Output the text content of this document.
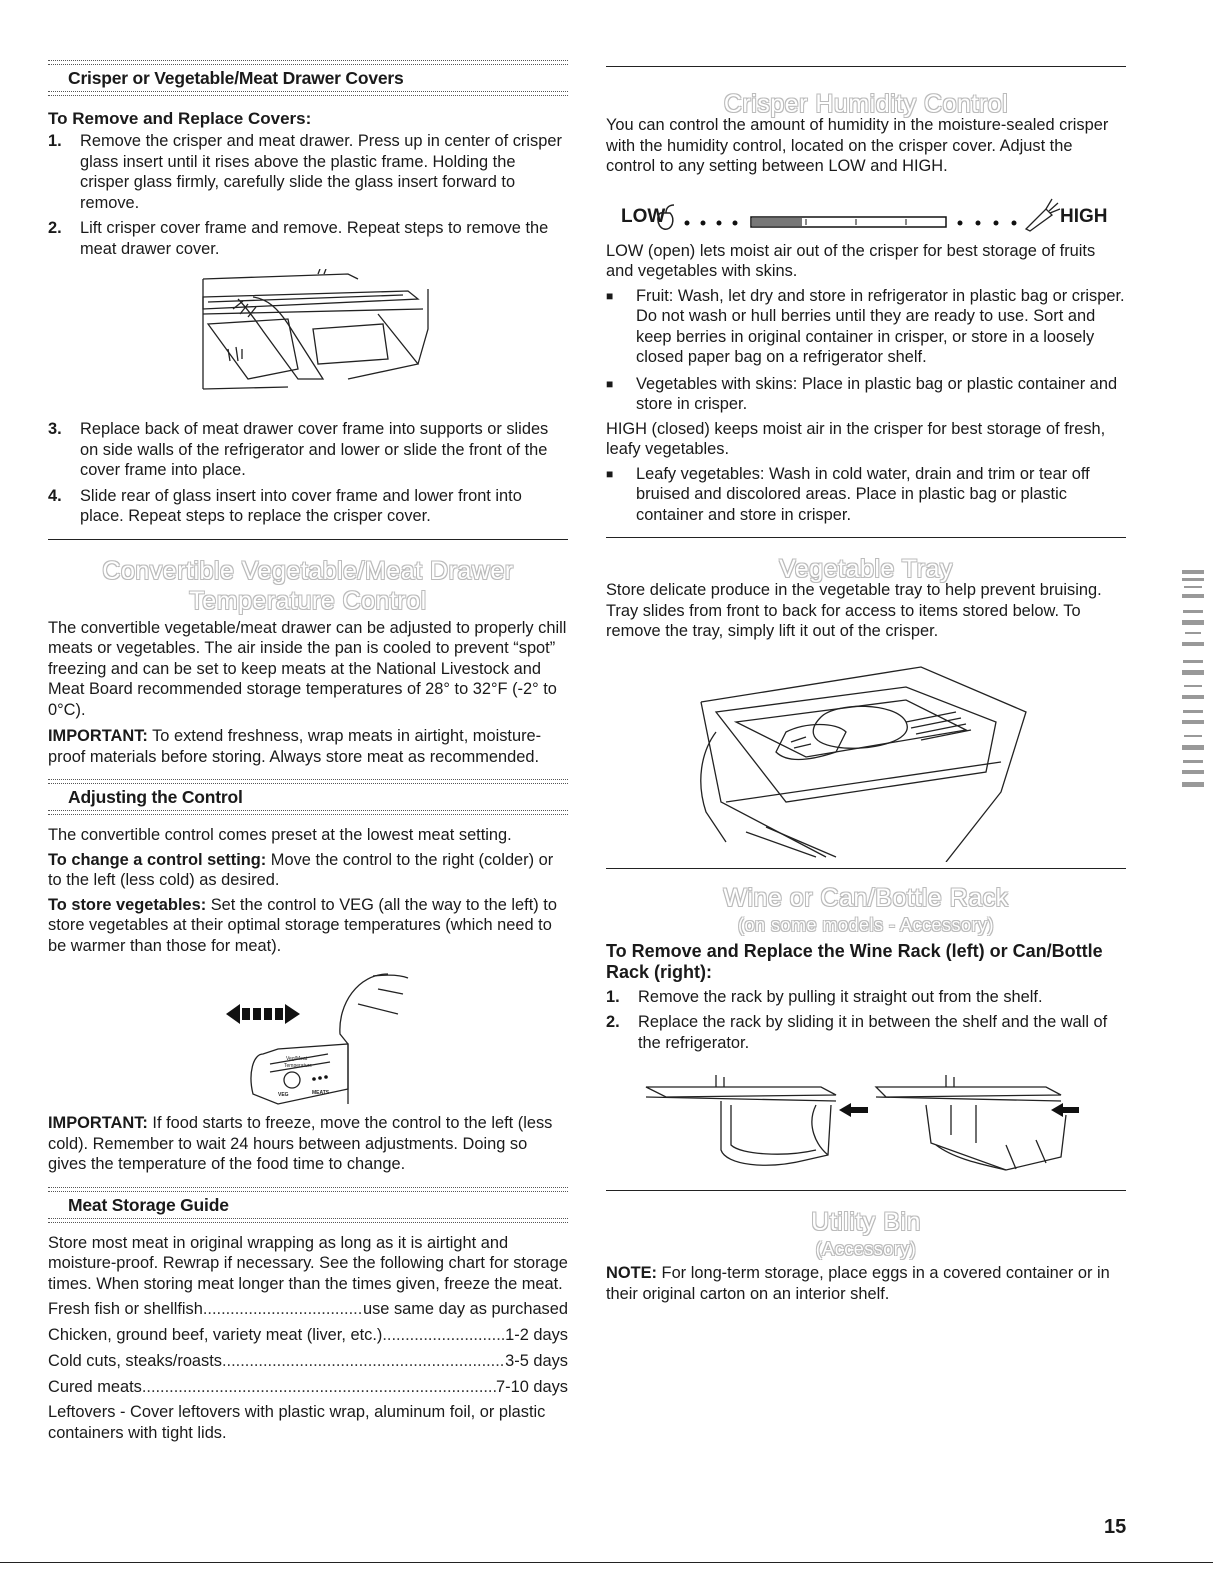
Crisper or Vegetable/Meat Drawer Covers
To Remove and Replace Covers:
1.	Remove the crisper and meat drawer. Press up in center of crisper glass insert until it rises above the plastic frame. Holding the crisper glass firmly, carefully slide the glass insert forward to remove.
2.	Lift crisper cover frame and remove. Repeat steps to remove the meat drawer cover.
3.	Replace back of meat drawer cover frame into supports or slides on side walls of the refrigerator and lower or slide the front of the cover frame into place.
4.	Slide rear of glass insert into cover frame and lower front into place. Repeat steps to replace the crisper cover.
Convertible Vegetable/Meat Drawer
Temperature Control

The convertible vegetable/meat drawer can be adjusted to properly chill meats or vegetables. The air inside the pan is cooled to prevent “spot” freezing and can be set to keep meats at the National Livestock and Meat Board recommended storage temperatures of 28° to 32°F (-2° to 0°C).

IMPORTANT: To extend freshness, wrap meats in airtight, moisture-proof materials before storing. Always store meat as recommended.

Adjusting the Control

The convertible control comes preset at the lowest meat setting.

To change a control setting: Move the control to the right (colder) or to the left (less cold) as desired.

To store vegetables: Set the control to VEG (all the way to the left) to store vegetables at their optimal storage temperatures (which need to be warmer than those for meat).

Veg/Meat
Temperature
VEG	MEATS

IMPORTANT: If food starts to freeze, move the control to the left (less cold). Remember to wait 24 hours between adjustments. Doing so gives the temperature of the food time to change.

Meat Storage Guide

Store most meat in original wrapping as long as it is airtight and moisture-proof. Rewrap if necessary. See the following chart for storage times. When storing meat longer than the times given, freeze the meat.

Fresh fish or shellfish .....	use same day as purchased
Chicken, ground beef, variety meat (liver, etc.) .....	1-2 days
Cold cuts, steaks/roasts .....	3-5 days
Cured meats .....	7-10 days

Leftovers - Cover leftovers with plastic wrap, aluminum foil, or plastic containers with tight lids.

Crisper Humidity Control

You can control the amount of humidity in the moisture-sealed crisper with the humidity control, located on the crisper cover. Adjust the control to any setting between LOW and HIGH.

LOW	HIGH

LOW (open) lets moist air out of the crisper for best storage of fruits and vegetables with skins.

■	Fruit: Wash, let dry and store in refrigerator in plastic bag or crisper. Do not wash or hull berries until they are ready to use. Sort and keep berries in original container in crisper, or store in a loosely closed paper bag on a refrigerator shelf.
■	Vegetables with skins: Place in plastic bag or plastic container and store in crisper.

HIGH (closed) keeps moist air in the crisper for best storage of fresh, leafy vegetables.

■	Leafy vegetables: Wash in cold water, drain and trim or tear off bruised and discolored areas. Place in plastic bag or plastic container and store in crisper.
Vegetable Tray

Store delicate produce in the vegetable tray to help prevent bruising. Tray slides from front to back for access to items stored below. To remove the tray, simply lift it out of the crisper.

Wine or Can/Bottle Rack
(on some models - Accessory)
To Remove and Replace the Wine Rack (left) or Can/Bottle Rack (right):
1.	Remove the rack by pulling it straight out from the shelf.
2.	Replace the rack by sliding it in between the shelf and the wall of the refrigerator.
Utility Bin
(Accessory)

NOTE: For long-term storage, place eggs in a covered container or in their original carton on an interior shelf.

15
